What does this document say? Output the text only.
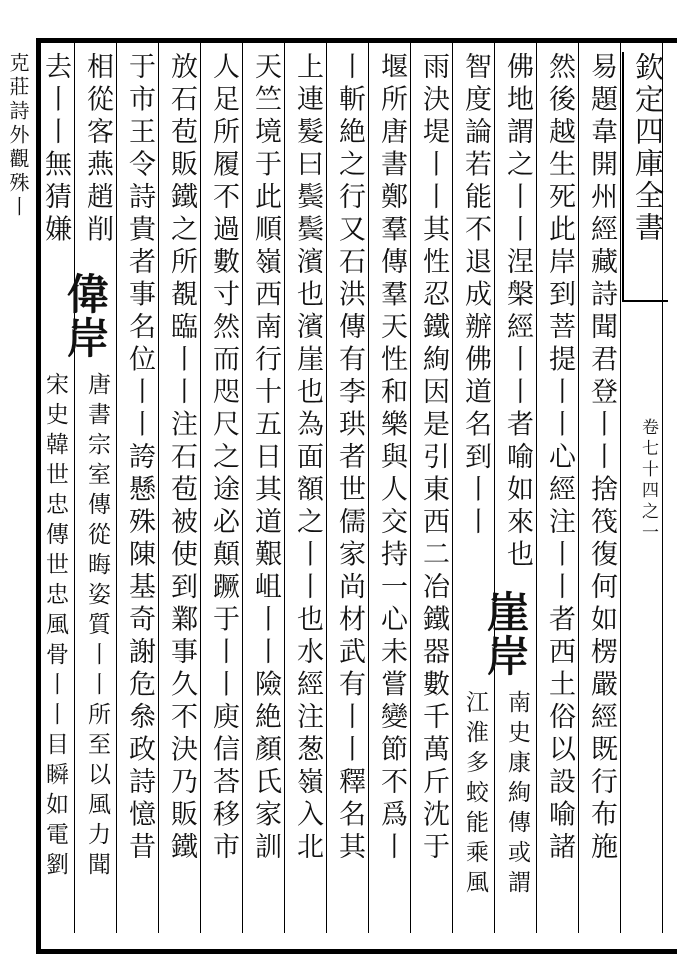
欽定四庫全書
卷七十四之一
易題韋開州經藏詩聞君登丨丨捨筏復何如楞嚴經既行布施
然後越生死此岸到菩提丨丨心經注丨丨者西土俗以設喻諸
佛地謂之丨丨涅槃經丨丨者喻如來也
智度論若能不退成辦佛道名到丨丨
崖岸
南史康絢傳或謂
江淮多蛟能乘風
雨決堤丨丨其性忍鐵絢因是引東西二冶鐵器數千萬斤沈于
堰所唐書鄭羣傳羣天性和樂與人交持一心未嘗變節不爲丨
丨斬絶之行又石洪傳有李珙者世儒家尚材武有丨丨釋名其
上連髮曰鬓鬓濱也濱崖也為面額之丨丨也水經注葱嶺入北
天竺境于此順嶺西南行十五日其道艱岨丨丨險絶顏氏家訓
人足所履不過數寸然而咫尺之途必顛蹶于丨丨庾信荅移市
放石苞販鐵之所覩臨丨丨注石苞被使到鄴事久不決乃販鐵
于市王令詩貴者事名位丨丨誇懸殊陳基奇謝危叅政詩憶昔
相從客燕趙削
去丨丨無猜嫌
偉岸
唐書宗室傳從晦姿質丨丨所至以風力聞
宋史韓世忠傳世忠風骨丨丨目瞬如電劉
克莊詩外觀殊丨
